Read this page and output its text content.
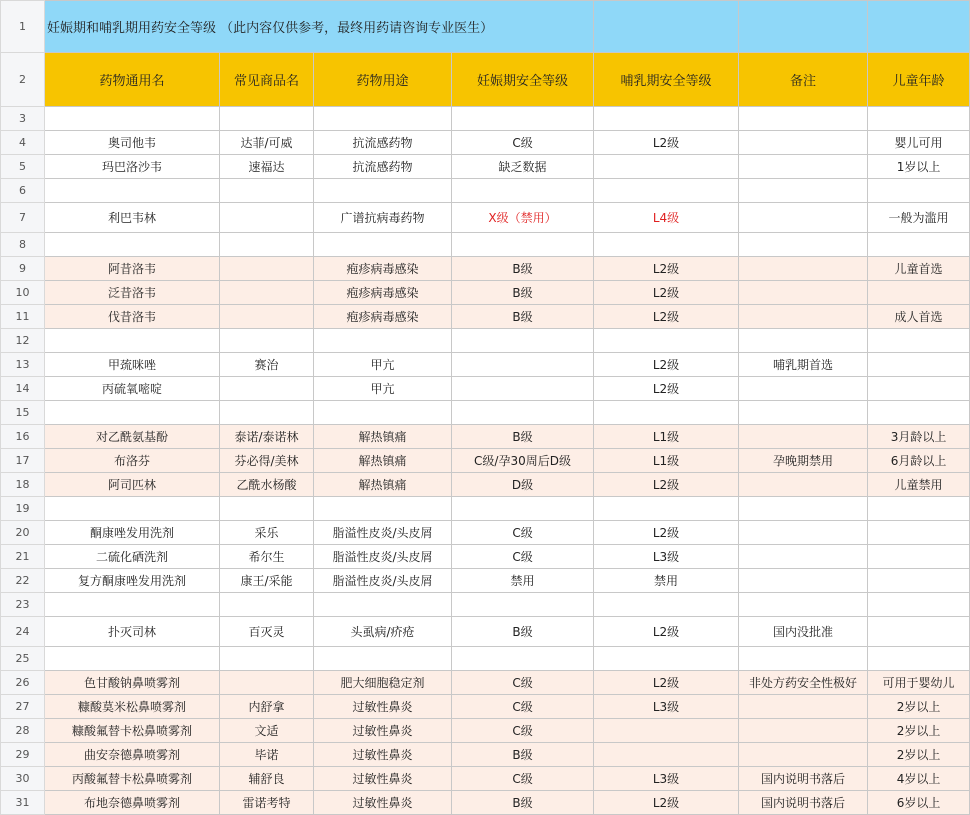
1	妊娠期和哺乳期用药安全等级 （此内容仅供参考，最终用药请咨询专业医生）						
2	药物通用名	常见商品名	药物用途	妊娠期安全等级	哺乳期安全等级	备注	儿童年龄
3							
4	奥司他韦	达菲/可威	抗流感药物	C级	L2级		婴儿可用
5	玛巴洛沙韦	速福达	抗流感药物	缺乏数据			1岁以上
6							
7	利巴韦林		广谱抗病毒药物	X级（禁用）	L4级		一般为滥用
8							
9	阿昔洛韦		疱疹病毒感染	B级	L2级		儿童首选
10	泛昔洛韦		疱疹病毒感染	B级	L2级		
11	伐昔洛韦		疱疹病毒感染	B级	L2级		成人首选
12							
13	甲巯咪唑	赛治	甲亢		L2级	哺乳期首选	
14	丙硫氧嘧啶		甲亢		L2级		
15							
16	对乙酰氨基酚	泰诺/泰诺林	解热镇痛	B级	L1级		3月龄以上
17	布洛芬	芬必得/美林	解热镇痛	C级/孕30周后D级	L1级	孕晚期禁用	6月龄以上
18	阿司匹林	乙酰水杨酸	解热镇痛	D级	L2级		儿童禁用
19							
20	酮康唑发用洗剂	采乐	脂溢性皮炎/头皮屑	C级	L2级		
21	二硫化硒洗剂	希尔生	脂溢性皮炎/头皮屑	C级	L3级		
22	复方酮康唑发用洗剂	康王/采能	脂溢性皮炎/头皮屑	禁用	禁用		
23							
24	扑灭司林	百灭灵	头虱病/疥疮	B级	L2级	国内没批准	
25							
26	色甘酸钠鼻喷雾剂		肥大细胞稳定剂	C级	L2级	非处方药安全性极好	可用于婴幼儿
27	糠酸莫米松鼻喷雾剂	内舒拿	过敏性鼻炎	C级	L3级		2岁以上
28	糠酸氟替卡松鼻喷雾剂	文适	过敏性鼻炎	C级			2岁以上
29	曲安奈德鼻喷雾剂	毕诺	过敏性鼻炎	B级			2岁以上
30	丙酸氟替卡松鼻喷雾剂	辅舒良	过敏性鼻炎	C级	L3级	国内说明书落后	4岁以上
31	布地奈德鼻喷雾剂	雷诺考特	过敏性鼻炎	B级	L2级	国内说明书落后	6岁以上
